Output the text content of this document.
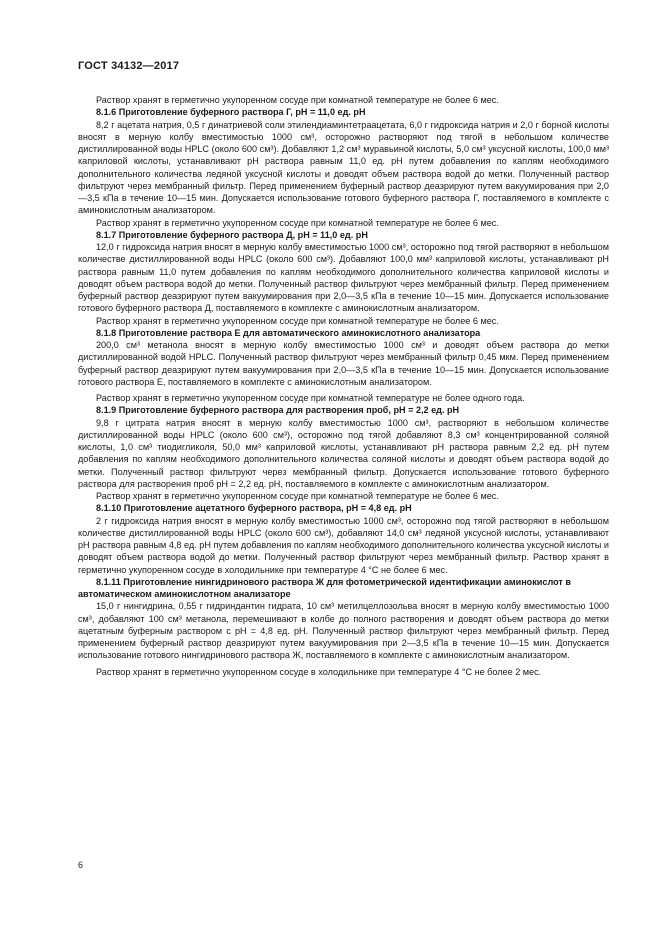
ГОСТ 34132—2017

Раствор хранят в герметично укупоренном сосуде при комнатной температуре не более 6 мес.

8.1.6 Приготовление буферного раствора Г, рН = 11,0 ед. рН

8,2 г ацетата натрия, 0,5 г динатриевой соли этилендиаминтетраацетата, 6,0 г гидроксида натрия и 2,0 г борной кислоты вносят в мерную колбу вместимостью 1000 см³, осторожно растворяют под тягой в небольшом количестве дистиллированной воды HPLC (около 600 см³). Добавляют 1,2 см³ муравьиной кислоты, 5,0 см³ уксусной кислоты, 100,0 мм³ каприловой кислоты, устанавливают рН раствора равным 11,0 ед. рН путем добавления по каплям необходимого дополнительного количества ледяной уксусной кислоты и доводят объем раствора водой до метки. Полученный раствор фильтруют через мембранный фильтр. Перед применением буферный раствор деазрируют путем вакуумирования при 2,0—3,5 кПа в течение 10—15 мин. Допускается использование готового буферного раствора Г, поставляемого в комплекте с аминокислотным анализатором.

Раствор хранят в герметично укупоренном сосуде при комнатной температуре не более 6 мес.

8.1.7 Приготовление буферного раствора Д, рН = 11,0 ед. рН

12,0 г гидроксида натрия вносят в мерную колбу вместимостью 1000 см³, осторожно под тягой растворяют в небольшом количестве дистиллированной воды HPLC (около 600 см³). Добавляют 100,0 мм³ каприловой кислоты, устанавливают рН раствора равным 11,0 путем добавления по каплям необходимого дополнительного количества каприловой кислоты и доводят объем раствора водой до метки. Полученный раствор фильтруют через мембранный фильтр. Перед применением буферный раствор деазрируют путем вакуумирования при 2,0—3,5 кПа в течение 10—15 мин. Допускается использование готового буферного раствора Д, поставляемого в комплекте с аминокислотным анализатором.

Раствор хранят в герметично укупоренном сосуде при комнатной температуре не более 6 мес.

8.1.8 Приготовление раствора Е для автоматического аминокислотного анализатора

200,0 см³ метанола вносят в мерную колбу вместимостью 1000 см³ и доводят объем раствора до метки дистиллированной водой HPLC. Полученный раствор фильтруют через мембранный фильтр 0,45 мкм. Перед применением буферный раствор деазрируют путем вакуумирования при 2,0—3,5 кПа в течение 10—15 мин. Допускается использование готового раствора Е, поставляемого в комплекте с аминокислотным анализатором.

Раствор хранят в герметично укупоренном сосуде при комнатной температуре не более одного года.

8.1.9 Приготовление буферного раствора для растворения проб, рН = 2,2 ед. рН

9,8 г цитрата натрия вносят в мерную колбу вместимостью 1000 см³, растворяют в небольшом количестве дистиллированной воды HPLC (около 600 см³), осторожно под тягой добавляют 8,3 см³ концентрированной соляной кислоты, 1,0 см³ тиодигликоля, 50,0 мм³ каприловой кислоты, устанавливают рН раствора равным 2,2 ед. рН путем добавления по каплям необходимого дополнительного количества соляной кислоты и доводят объем раствора водой до метки. Полученный раствор фильтруют через мембранный фильтр. Допускается использование готового буферного раствора для растворения проб рН = 2,2 ед. рН, поставляемого в комплекте с аминокислотным анализатором.

Раствор хранят в герметично укупоренном сосуде при комнатной температуре не более 6 мес.

8.1.10 Приготовление ацетатного буферного раствора, рН = 4,8 ед. рН

2 г гидроксида натрия вносят в мерную колбу вместимостью 1000 см³, осторожно под тягой растворяют в небольшом количестве дистиллированной воды HPLC (около 600 см³), добавляют 14,0 см³ ледяной уксусной кислоты, устанавливают рН раствора равным 4,8 ед. рН путем добавления по каплям необходимого дополнительного количества уксусной кислоты и доводят объем раствора водой до метки. Полученный раствор фильтруют через мембранный фильтр. Раствор хранят в герметично укупоренном сосуде в холодильнике при температуре 4 °С не более 6 мес.

8.1.11 Приготовление нингидринового раствора Ж для фотометрической идентификации аминокислот в автоматическом аминокислотном анализаторе

15,0 г нингидрина, 0,55 г гидриндантин гидрата, 10 см³ метилцеллозольва вносят в мерную колбу вместимостью 1000 см³, добавляют 100 см³ метанола, перемешивают в колбе до полного растворения и доводят объем раствора до метки ацетатным буферным раствором с рН = 4,8 ед. рН. Полученный раствор фильтруют через мембранный фильтр. Перед применением буферный раствор деазрируют путем вакуумирования при 2—3,5 кПа в течение 10—15 мин. Допускается использование готового нингидринового раствора Ж, поставляемого в комплекте с аминокислотным анализатором.

Раствор хранят в герметично укупоренном сосуде в холодильнике при температуре 4 °С не более 2 мес.

6
